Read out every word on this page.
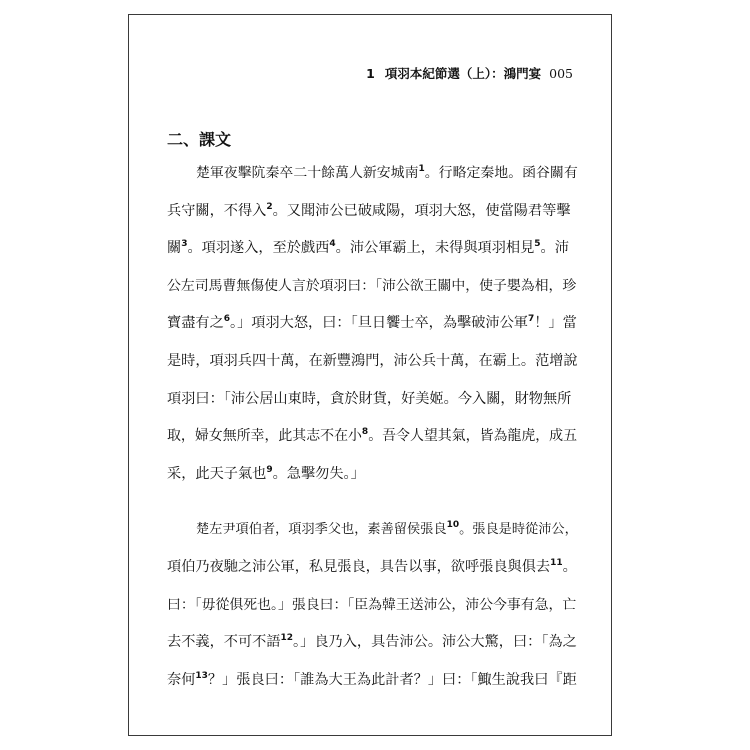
1 項羽本紀節選（上）：鴻門宴 005
二、課文

楚軍夜擊阬秦卒二十餘萬人新安城南$^1$。行略定秦地。函谷關有

兵守關，不得入$^2$。又聞沛公已破咸陽，項羽大怒，使當陽君等擊

關$^3$。項羽遂入，至於戲西$^4$。沛公軍霸上，未得與項羽相見$^5$。沛

公左司馬曹無傷使人言於項羽曰：「沛公欲王關中，使子嬰為相，珍

寶盡有之$^6$。」項羽大怒，曰：「旦日饗士卒，為擊破沛公軍$^7$！」當

是時，項羽兵四十萬，在新豐鴻門，沛公兵十萬，在霸上。范增說

項羽曰：「沛公居山東時，貪於財貨，好美姬。今入關，財物無所

取，婦女無所幸，此其志不在小$^8$。吾令人望其氣，皆為龍虎，成五

采，此天子氣也$^9$。急擊勿失。」

楚左尹項伯者，項羽季父也，素善留侯張良$^{10}$。張良是時從沛公，

項伯乃夜馳之沛公軍，私見張良，具告以事，欲呼張良與俱去$^{11}$。

曰：「毋從俱死也。」張良曰：「臣為韓王送沛公，沛公今事有急，亡

去不義，不可不語$^{12}$。」良乃入，具告沛公。沛公大驚，曰：「為之

奈何$^{13}$？」張良曰：「誰為大王為此計者？」曰：「鯫生說我曰『距
